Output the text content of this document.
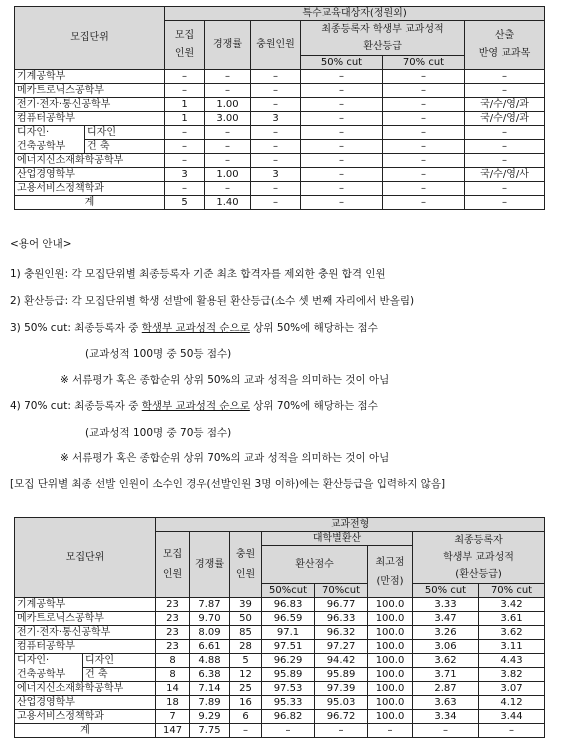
모집단위		특수교육대상자(정원외)					
		모집
인원	경쟁률	충원인원	최종등록자 학생부 교과성적
환산등급		산출
반영 교과목

					50% cut	70% cut	
기계공학부		–	–	–	–	–	–
메카트로닉스공학부		–	–	–	–	–	–
전기·전자·통신공학부		1	1.00	–	–	–	국/수/영/과
컴퓨터공학부		1	3.00	3	–	–	국/수/영/과
디자인·	디자인	–	–	–	–	–	–
건축공학부	건 축	–	–	–	–	–	–
에너지신소재화학공학부		–	–	–	–	–	–
산업경영학부		3	1.00	3	–	–	국/수/영/사
고용서비스정책학과		–	–	–	–	–	–
계		5	1.40	–	–	–	–

<용어 안내>

1) 충원인원: 각 모집단위별 최종등록자 기준 최초 합격자를 제외한 충원 합격 인원

2) 환산등급: 각 모집단위별 학생 선발에 활용된 환산등급(소수 셋 번째 자리에서 반올림)

3) 50% cut: 최종등록자 중 학생부 교과성적 순으로 상위 50%에 해당하는 점수

(교과성적 100명 중 50등 점수)

※ 서류평가 혹은 종합순위 상위 50%의 교과 성적을 의미하는 것이 아님

4) 70% cut: 최종등록자 중 학생부 교과성적 순으로 상위 70%에 해당하는 점수

(교과성적 100명 중 70등 점수)

※ 서류평가 혹은 종합순위 상위 70%의 교과 성적을 의미하는 것이 아님

[모집 단위별 최종 선발 인원이 소수인 경우(선발인원 3명 이하)에는 환산등급을 입력하지 않음]

모집단위		교과전형							
		모집
인원	경쟁률	충원
인원	대학별환산			최종등록자
학생부 교과성적
(환산등급)	
					환산점수		최고점
(만점)		

					50%cut	70%cut		50% cut	70% cut
기계공학부		23	7.87	39	96.83	96.77	100.0	3.33	3.42
메카트로닉스공학부		23	9.70	50	96.59	96.33	100.0	3.47	3.61
전기·전자·통신공학부		23	8.09	85	97.1	96.32	100.0	3.26	3.62
컴퓨터공학부		23	6.61	28	97.51	97.27	100.0	3.06	3.11
디자인·	디자인	8	4.88	5	96.29	94.42	100.0	3.62	4.43
건축공학부	건 축	8	6.38	12	95.89	95.89	100.0	3.71	3.82
에너지신소재화학공학부		14	7.14	25	97.53	97.39	100.0	2.87	3.07
산업경영학부		18	7.89	16	95.33	95.03	100.0	3.63	4.12
고용서비스정책학과		7	9.29	6	96.82	96.72	100.0	3.34	3.44
계		147	7.75	–	–	–	–	–	–
